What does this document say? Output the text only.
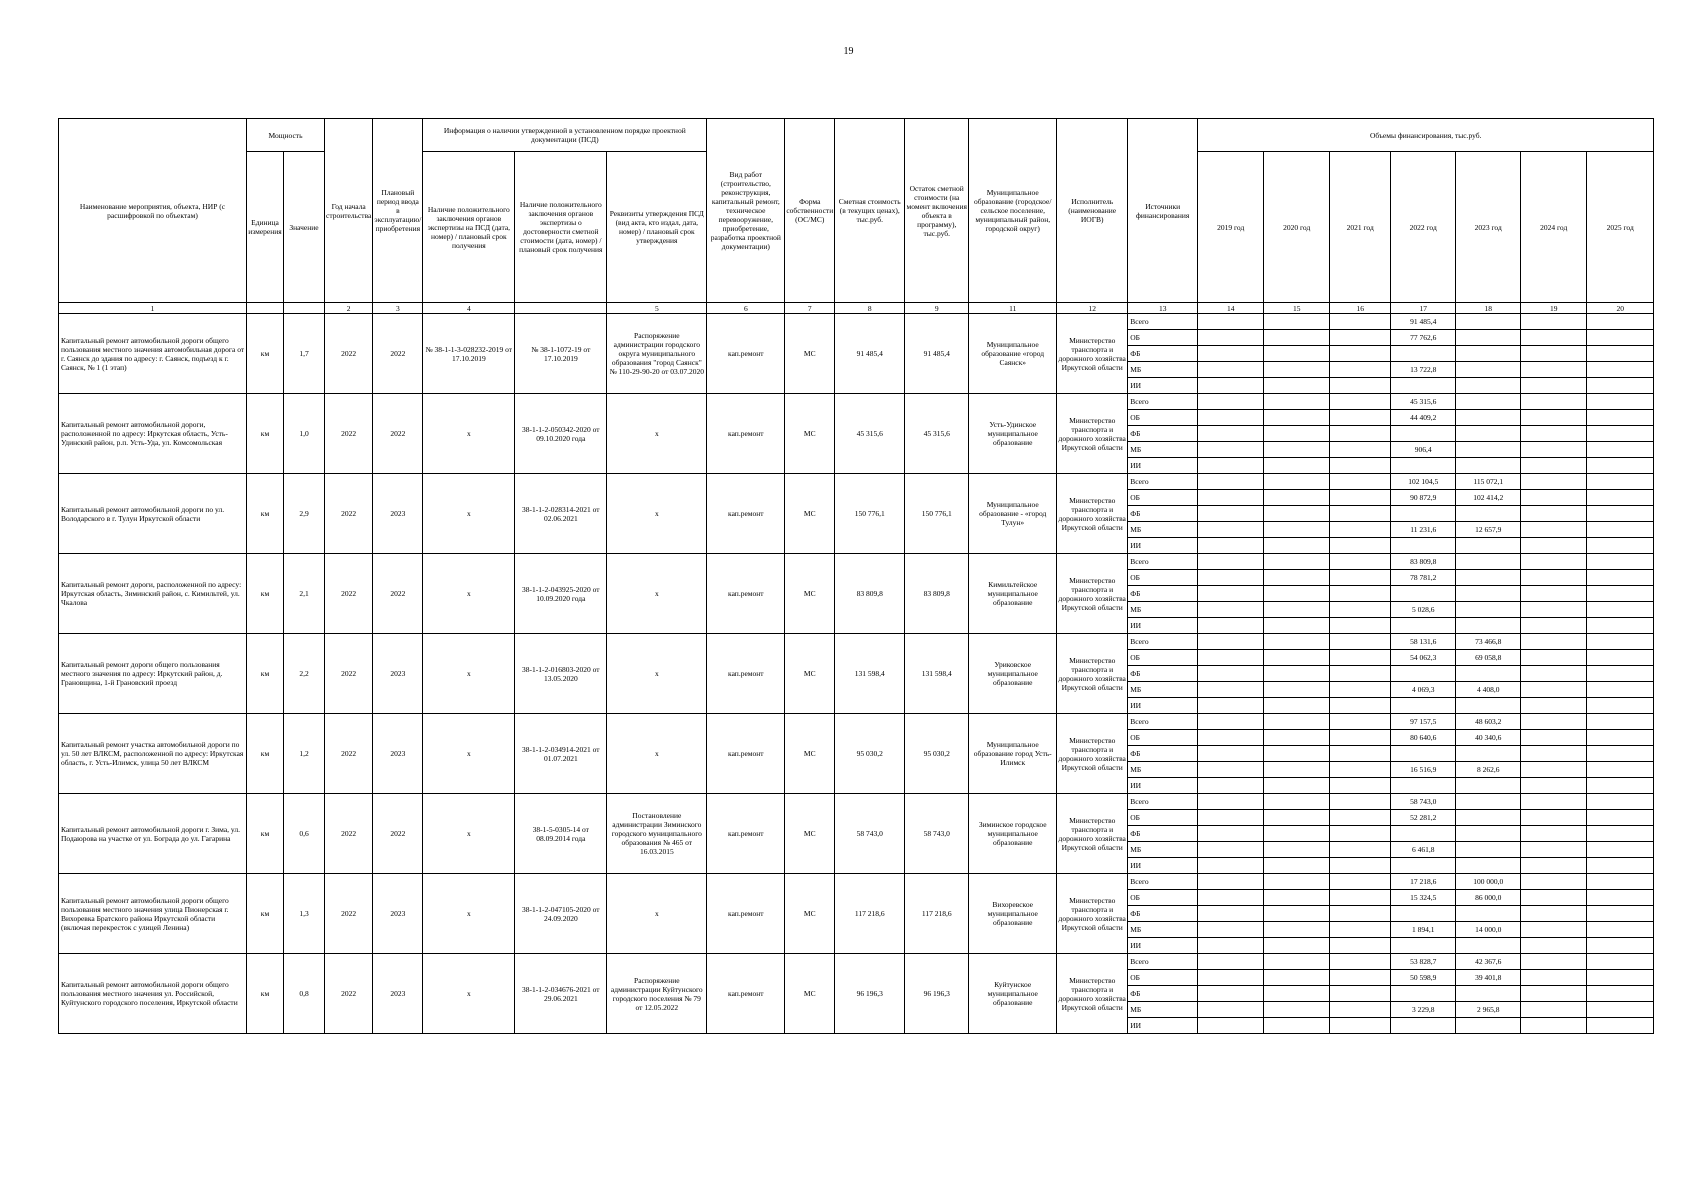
19
Наименование мероприятия, объекта, НИР (с расшифровкой по объектам)	Мощность		Год начала строительства	Плановый период ввода в эксплуатацию/приобретения	Информация о наличии утвержденной в установленном порядке проектной документации (ПСД)			Вид работ (строительство, реконструкция, капитальный ремонт, техническое перевооружение, приобретение, разработка проектной документации)	Форма собственности (ОС/МС)	Сметная стоимость (в текущих ценах), тыс.руб.	Остаток сметной стоимости (на момент включения объекта в программу), тыс.руб.	Муниципальное образование (городское/сельское поселение, муниципальный район, городской округ)	Исполнитель (наименование ИОГВ)	Источники финансирования	Объемы финансирования, тыс.руб.						
	Единица измерения	Значение			Наличие положительного заключения органов экспертизы на ПСД (дата, номер) / плановый срок получения	Наличие положительного заключения органов экспертизы о достоверности сметной стоимости (дата, номер) / плановый срок получения	Реквизиты утверждения ПСД (вид акта, кто издал, дата, номер) / плановый срок утверждения								2019 год	2020 год	2021 год	2022 год	2023 год	2024 год	2025 год
1			2	3	4		5	6	7	8	9	11	12	13	14	15	16	17	18	19	20
Капитальный ремонт автомобильной дороги общего пользования местного значения автомобильная дорога от г. Саянск до здания по адресу: г. Саянск, подъезд к г. Саянск, № 1 (1 этап)	км	1,7	2022	2022	№ 38-1-1-3-028232-2019 от 17.10.2019	№ 38-1-1072-19 от 17.10.2019	Распоряжение администрации городского округа муниципального образования "город Саянск" № 110-29-90-20 от 03.07.2020	кап.ремонт	МС	91 485,4	91 485,4	Муниципальное образование «город Саянск»	Министерство транспорта и дорожного хозяйства Иркутской области	Всего				91 485,4			
														ОБ				77 762,6			
														ФБ							
														МБ				13 722,8			
														ИИ							
Капитальный ремонт автомобильной дороги, расположенной по адресу: Иркутская область, Усть-Удинский район, р.п. Усть-Уда, ул. Комсомольская	км	1,0	2022	2022	х	38-1-1-2-050342-2020 от 09.10.2020 года	х	кап.ремонт	МС	45 315,6	45 315,6	Усть-Удинское муниципальное образование	Министерство транспорта и дорожного хозяйства Иркутской области	Всего				45 315,6			
														ОБ				44 409,2			
														ФБ							
														МБ				906,4			
														ИИ							
Капитальный ремонт автомобильной дороги по ул. Володарского в г. Тулун Иркутской области	км	2,9	2022	2023	х	38-1-1-2-028314-2021 от 02.06.2021	х	кап.ремонт	МС	150 776,1	150 776,1	Муниципальное образование - «город Тулун»	Министерство транспорта и дорожного хозяйства Иркутской области	Всего				102 104,5	115 072,1		
														ОБ				90 872,9	102 414,2		
														ФБ							
														МБ				11 231,6	12 657,9		
														ИИ							
Капитальный ремонт дороги, расположенной по адресу: Иркутская область, Зиминский район, с. Кимильтей, ул. Чкалова	км	2,1	2022	2022	х	38-1-1-2-043925-2020 от 10.09.2020 года	х	кап.ремонт	МС	83 809,8	83 809,8	Кимильтейское муниципальное образование	Министерство транспорта и дорожного хозяйства Иркутской области	Всего				83 809,8			
														ОБ				78 781,2			
														ФБ							
														МБ				5 028,6			
														ИИ							
Капитальный ремонт дороги общего пользования местного значения по адресу: Иркутский район, д. Грановщина, 1-й Грановский проезд	км	2,2	2022	2023	х	38-1-1-2-016803-2020 от 13.05.2020	х	кап.ремонт	МС	131 598,4	131 598,4	Уриковское муниципальное образование	Министерство транспорта и дорожного хозяйства Иркутской области	Всего				58 131,6	73 466,8		
														ОБ				54 062,3	69 058,8		
														ФБ							
														МБ				4 069,3	4 408,0		
														ИИ							
Капитальный ремонт участка автомобильной дороги по ул. 50 лет ВЛКСМ, расположенной по адресу: Иркутская область, г. Усть-Илимск, улица 50 лет ВЛКСМ	км	1,2	2022	2023	х	38-1-1-2-034914-2021 от 01.07.2021	х	кап.ремонт	МС	95 030,2	95 030,2	Муниципальное образование город Усть-Илимск	Министерство транспорта и дорожного хозяйства Иркутской области	Всего				97 157,5	48 603,2		
														ОБ				80 640,6	40 340,6		
														ФБ							
														МБ				16 516,9	8 262,6		
														ИИ							
Капитальный ремонт автомобильной дороги г. Зима, ул. Подаюрова на участке от ул. Бограда до ул. Гагарина	км	0,6	2022	2022	х	38-1-5-0305-14 от 08.09.2014 года	Постановление администрации Зиминского городского муниципального образования № 465 от 16.03.2015	кап.ремонт	МС	58 743,0	58 743,0	Зиминское городское муниципальное образование	Министерство транспорта и дорожного хозяйства Иркутской области	Всего				58 743,0			
														ОБ				52 281,2			
														ФБ							
														МБ				6 461,8			
														ИИ							
Капитальный ремонт автомобильной дороги общего пользования местного значения улица Пионерская г. Вихоревка Братского района Иркутской области (включая перекресток с улицей Ленина)	км	1,3	2022	2023	х	38-1-1-2-047105-2020 от 24.09.2020	х	кап.ремонт	МС	117 218,6	117 218,6	Вихоревское муниципальное образование	Министерство транспорта и дорожного хозяйства Иркутской области	Всего				17 218,6	100 000,0		
														ОБ				15 324,5	86 000,0		
														ФБ							
														МБ				1 894,1	14 000,0		
														ИИ							
Капитальный ремонт автомобильной дороги общего пользования местного значения ул. Российской, Куйтунского городского поселения, Иркутской области	км	0,8	2022	2023	х	38-1-1-2-034676-2021 от 29.06.2021	Распоряжение администрации Куйтунского городского поселения № 79 от 12.05.2022	кап.ремонт	МС	96 196,3	96 196,3	Куйтунское муниципальное образование	Министерство транспорта и дорожного хозяйства Иркутской области	Всего				53 828,7	42 367,6		
														ОБ				50 598,9	39 401,8		
														ФБ							
														МБ				3 229,8	2 965,8		
														ИИ							
